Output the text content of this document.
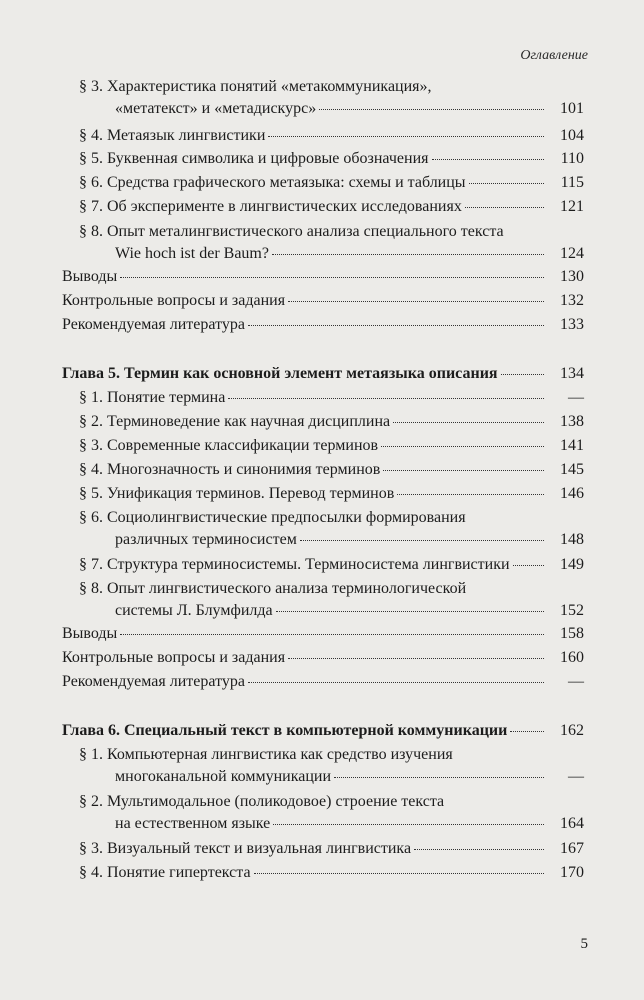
Оглавление
§ 3. Характеристика понятий «метакоммуникация»,
«метатекст» и «метадискурс»	101
§ 4. Метаязык лингвистики	104
§ 5. Буквенная символика и цифровые обозначения	110
§ 6. Средства графического метаязыка: схемы и таблицы	115
§ 7. Об эксперименте в лингвистических исследованиях	121
§ 8. Опыт металингвистического анализа специального текста
Wie hoch ist der Baum?	124
Выводы	130
Контрольные вопросы и задания	132
Рекомендуемая литература	133
Глава 5. Термин как основной элемент метаязыка описания	134
§ 1. Понятие термина	—
§ 2. Терминоведение как научная дисциплина	138
§ 3. Современные классификации терминов	141
§ 4. Многозначность и синонимия терминов	145
§ 5. Унификация терминов. Перевод терминов	146
§ 6. Социолингвистические предпосылки формирования
различных терминосистем	148
§ 7. Структура терминосистемы. Терминосистема лингвистики	149
§ 8. Опыт лингвистического анализа терминологической
системы Л. Блумфилда	152
Выводы	158
Контрольные вопросы и задания	160
Рекомендуемая литература	—
Глава 6. Специальный текст в компьютерной коммуникации	162
§ 1. Компьютерная лингвистика как средство изучения
многоканальной коммуникации	—
§ 2. Мультимодальное (поликодовое) строение текста
на естественном языке	164
§ 3. Визуальный текст и визуальная лингвистика	167
§ 4. Понятие гипертекста	170
5
